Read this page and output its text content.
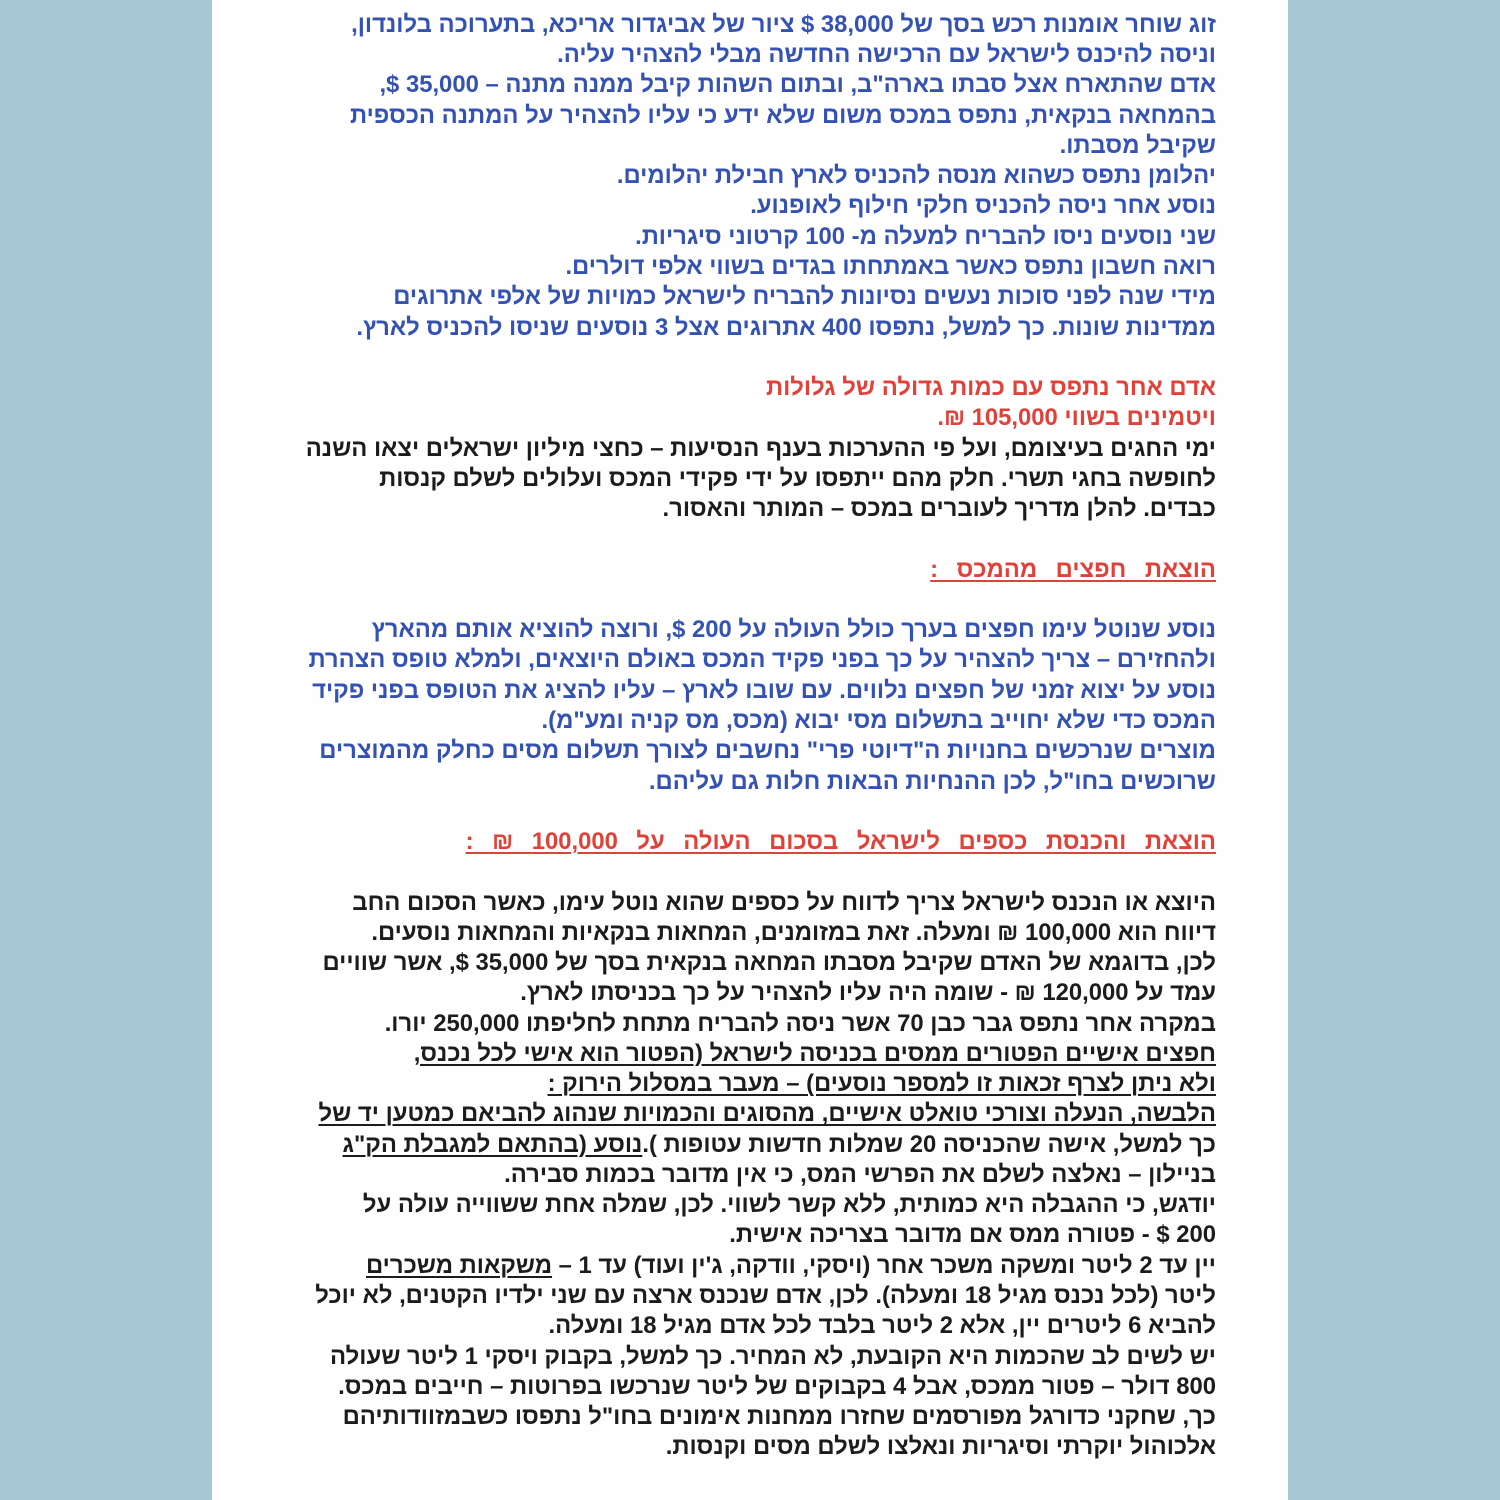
זוג שוחר אומנות רכש בסך של 38,000 $ ציור של אביגדור אריכא, בתערוכה בלונדון,
וניסה להיכנס לישראל עם הרכישה החדשה מבלי להצהיר עליה.
אדם שהתארח אצל סבתו בארה"ב, ובתום השהות קיבל ממנה מתנה – 35,000 $,
בהמחאה בנקאית, נתפס במכס משום שלא ידע כי עליו להצהיר על המתנה הכספית
שקיבל מסבתו.
יהלומן נתפס כשהוא מנסה להכניס לארץ חבילת יהלומים.
נוסע אחר ניסה להכניס חלקי חילוף לאופנוע.
שני נוסעים ניסו להבריח למעלה מ- 100 קרטוני סיגריות.
רואה חשבון נתפס כאשר באמתחתו בגדים בשווי אלפי דולרים.
מידי שנה לפני סוכות נעשים נסיונות להבריח לישראל כמויות של אלפי אתרוגים
ממדינות שונות. כך למשל, נתפסו 400 אתרוגים אצל 3 נוסעים שניסו להכניס לארץ.
אדם אחר נתפס עם כמות גדולה של גלולות
ויטמינים בשווי 105,000 ₪.
ימי החגים בעיצומם, ועל פי ההערכות בענף הנסיעות – כחצי מיליון ישראלים יצאו השנה
לחופשה בחגי תשרי. חלק מהם ייתפסו על ידי פקידי המכס ועלולים לשלם קנסות
כבדים. להלן מדריך לעוברים במכס – המותר והאסור.
הוצאת חפצים מהמכס :
נוסע שנוטל עימו חפצים בערך כולל העולה על 200 $, ורוצה להוציא אותם מהארץ
ולהחזירם – צריך להצהיר על כך בפני פקיד המכס באולם היוצאים, ולמלא טופס הצהרת
נוסע על יצוא זמני של חפצים נלווים. עם שובו לארץ – עליו להציג את הטופס בפני פקיד
המכס כדי שלא יחוייב בתשלום מסי יבוא (מכס, מס קניה ומע"מ).
מוצרים שנרכשים בחנויות ה"דיוטי פרי" נחשבים לצורך תשלום מסים כחלק מהמוצרים
שרוכשים בחו"ל, לכן ההנחיות הבאות חלות גם עליהם.
הוצאת והכנסת כספים לישראל בסכום העולה על 100,000 ₪ :
היוצא או הנכנס לישראל צריך לדווח על כספים שהוא נוטל עימו, כאשר הסכום החב
דיווח הוא 100,000 ₪ ומעלה. זאת במזומנים, המחאות בנקאיות והמחאות נוסעים.
לכן, בדוגמא של האדם שקיבל מסבתו המחאה בנקאית בסך של 35,000 $, אשר שוויים
עמד על 120,000 ₪ - שומה היה עליו להצהיר על כך בכניסתו לארץ.
במקרה אחר נתפס גבר כבן 70 אשר ניסה להבריח מתחת לחליפתו 250,000 יורו.
חפצים אישיים הפטורים ממסים בכניסה לישראל (הפטור הוא אישי לכל נכנס,
ולא ניתן לצרף זכאות זו למספר נוסעים) – מעבר במסלול הירוק :
הלבשה, הנעלה וצורכי טואלט אישיים, מהסוגים והכמויות שנהוג להביאם כמטען יד של
כך למשל, אישה שהכניסה 20 שמלות חדשות עטופות ).נוסע (בהתאם למגבלת הק"ג
בניילון – נאלצה לשלם את הפרשי המס, כי אין מדובר בכמות סבירה.
יודגש, כי ההגבלה היא כמותית, ללא קשר לשווי. לכן, שמלה אחת ששווייה עולה על
200 $ - פטורה ממס אם מדובר בצריכה אישית.
יין עד 2 ליטר ומשקה משכר אחר (ויסקי, וודקה, ג'ין ועוד) עד 1 – משקאות משכרים
ליטר (לכל נכנס מגיל 18 ומעלה). לכן, אדם שנכנס ארצה עם שני ילדיו הקטנים, לא יוכל
להביא 6 ליטרים יין, אלא 2 ליטר בלבד לכל אדם מגיל 18 ומעלה.
יש לשים לב שהכמות היא הקובעת, לא המחיר. כך למשל, בקבוק ויסקי 1 ליטר שעולה
800 דולר – פטור ממכס, אבל 4 בקבוקים של ליטר שנרכשו בפרוטות – חייבים במכס.
כך, שחקני כדורגל מפורסמים שחזרו ממחנות אימונים בחו"ל נתפסו כשבמזוודותיהם
אלכוהול יוקרתי וסיגריות ונאלצו לשלם מסים וקנסות.
